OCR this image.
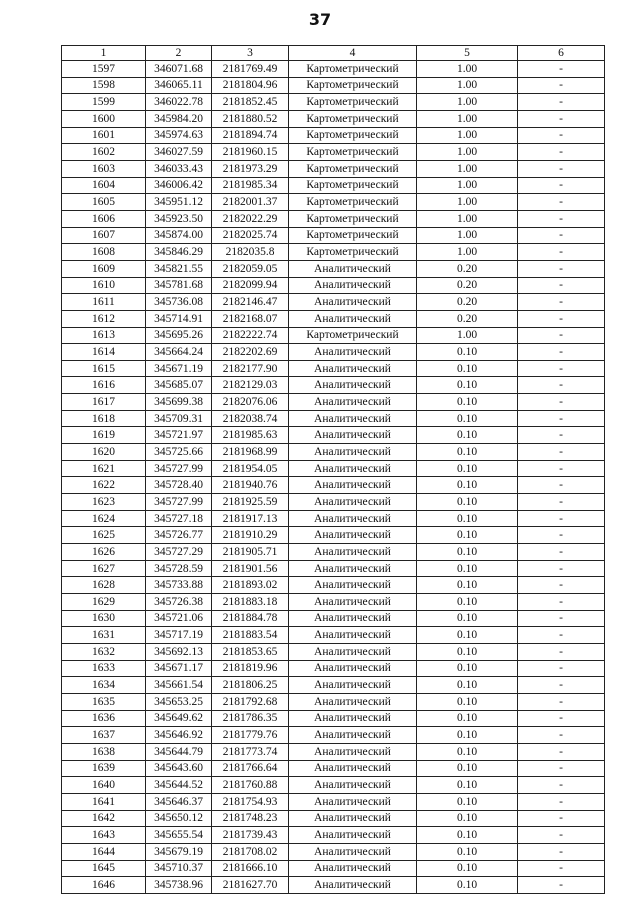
37
1	2	3	4	5	6
1597	346071.68	2181769.49	Картометрический	1.00	-
1598	346065.11	2181804.96	Картометрический	1.00	-
1599	346022.78	2181852.45	Картометрический	1.00	-
1600	345984.20	2181880.52	Картометрический	1.00	-
1601	345974.63	2181894.74	Картометрический	1.00	-
1602	346027.59	2181960.15	Картометрический	1.00	-
1603	346033.43	2181973.29	Картометрический	1.00	-
1604	346006.42	2181985.34	Картометрический	1.00	-
1605	345951.12	2182001.37	Картометрический	1.00	-
1606	345923.50	2182022.29	Картометрический	1.00	-
1607	345874.00	2182025.74	Картометрический	1.00	-
1608	345846.29	2182035.8	Картометрический	1.00	-
1609	345821.55	2182059.05	Аналитический	0.20	-
1610	345781.68	2182099.94	Аналитический	0.20	-
1611	345736.08	2182146.47	Аналитический	0.20	-
1612	345714.91	2182168.07	Аналитический	0.20	-
1613	345695.26	2182222.74	Картометрический	1.00	-
1614	345664.24	2182202.69	Аналитический	0.10	-
1615	345671.19	2182177.90	Аналитический	0.10	-
1616	345685.07	2182129.03	Аналитический	0.10	-
1617	345699.38	2182076.06	Аналитический	0.10	-
1618	345709.31	2182038.74	Аналитический	0.10	-
1619	345721.97	2181985.63	Аналитический	0.10	-
1620	345725.66	2181968.99	Аналитический	0.10	-
1621	345727.99	2181954.05	Аналитический	0.10	-
1622	345728.40	2181940.76	Аналитический	0.10	-
1623	345727.99	2181925.59	Аналитический	0.10	-
1624	345727.18	2181917.13	Аналитический	0.10	-
1625	345726.77	2181910.29	Аналитический	0.10	-
1626	345727.29	2181905.71	Аналитический	0.10	-
1627	345728.59	2181901.56	Аналитический	0.10	-
1628	345733.88	2181893.02	Аналитический	0.10	-
1629	345726.38	2181883.18	Аналитический	0.10	-
1630	345721.06	2181884.78	Аналитический	0.10	-
1631	345717.19	2181883.54	Аналитический	0.10	-
1632	345692.13	2181853.65	Аналитический	0.10	-
1633	345671.17	2181819.96	Аналитический	0.10	-
1634	345661.54	2181806.25	Аналитический	0.10	-
1635	345653.25	2181792.68	Аналитический	0.10	-
1636	345649.62	2181786.35	Аналитический	0.10	-
1637	345646.92	2181779.76	Аналитический	0.10	-
1638	345644.79	2181773.74	Аналитический	0.10	-
1639	345643.60	2181766.64	Аналитический	0.10	-
1640	345644.52	2181760.88	Аналитический	0.10	-
1641	345646.37	2181754.93	Аналитический	0.10	-
1642	345650.12	2181748.23	Аналитический	0.10	-
1643	345655.54	2181739.43	Аналитический	0.10	-
1644	345679.19	2181708.02	Аналитический	0.10	-
1645	345710.37	2181666.10	Аналитический	0.10	-
1646	345738.96	2181627.70	Аналитический	0.10	-
